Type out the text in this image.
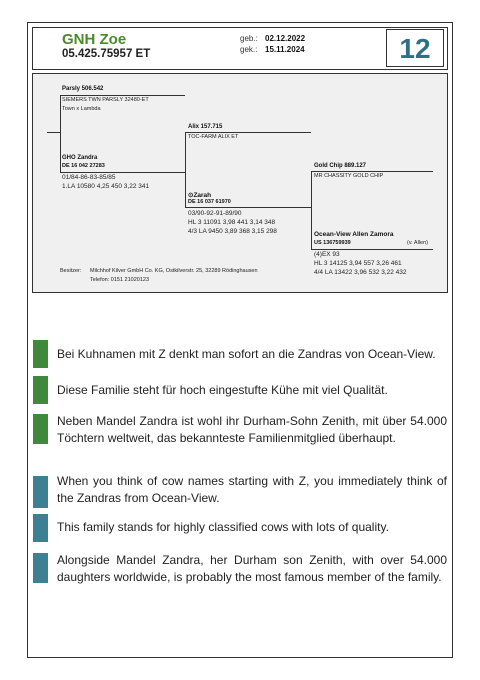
GNH Zoe
05.425.75957 ET
geb.: 02.12.2022
gek.: 15.11.2024	12
Parsly 506.542
SIEMERS TWN PARSLY 32480-ET
Town x Lambda
GHO Zandra
DE 16 042 27283
01/84-86-83-85/85
1.LA 10580 4,25 450 3,22 341
Alix 157.715
TOC-FARM ALIX ET
⊙Zarah
DE 16 037 61970
03/90-92-91-89/90
HL 3 11091 3,98 441 3,14 348
4/3 LA 9450 3,89 368 3,15 298
Gold Chip 889.127
MR CHASSITY GOLD CHIP
Ocean-View Allen Zamora
US 136759939	(v. Allen)
(4)EX 93
HL 3 14125 3,94 557 3,26 461
4/4 LA 13422 3,96 532 3,22 432
Besitzer: Milchhof Kilver GmbH Co. KG, Ostkilverstr. 25, 32289 Rödinghausen
Telefon: 0151 21020123
Bei Kuhnamen mit Z denkt man sofort an die Zandras von Ocean-View.
Diese Familie steht für hoch eingestufte Kühe mit viel Qualität.
Neben Mandel Zandra ist wohl ihr Durham-Sohn Zenith, mit über 54.000 Töchtern weltweit, das bekannteste Familienmitglied überhaupt.
When you think of cow names starting with Z, you immediately think of the Zandras from Ocean-View.
This family stands for highly classified cows with lots of quality.
Alongside Mandel Zandra, her Durham son Zenith, with over 54.000 daughters worldwide, is probably the most famous member of the family.
